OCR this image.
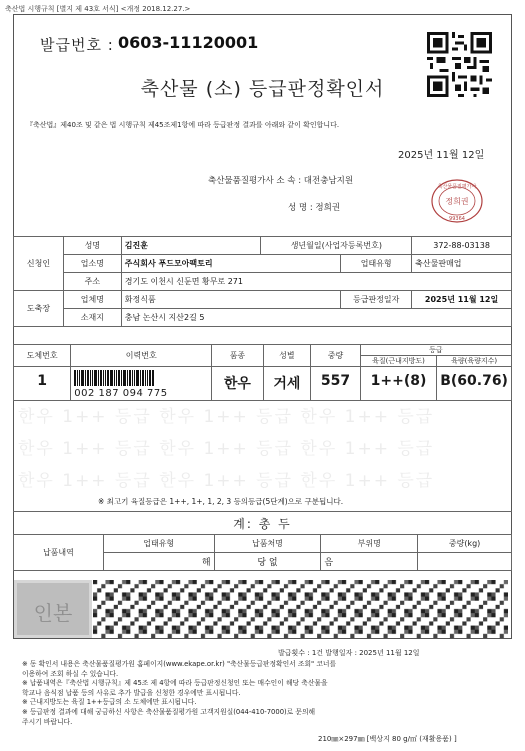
축산법 시행규칙 [별지 제 43호 서식] <개정 2018.12.27.>
발급번호 : 0603-11120001
축산물 (소) 등급판정확인서
『축산법』제40조 및 같은 법 시행규칙 제45조제1항에 따라 등급판정 결과를 아래와 같이 확인합니다.
2025년 11월 12일
축산물품질평가사 소 속 : 대전충남지원
성 명 : 정희권
축산물품질평가사
정희권
99364
신청인	성명	김진훈	생년월일(사업자등록번호)		372-88-03138
	업소명	주식회사 푸드모아팩토리		업태유형	축산물판매업
	주소	경기도 이천시 신둔면 황무로 271			
도축장	업체명	화정식품		등급판정일자	2025년 11월 12일
	소재지	충남 논산시 지산2길 5			
도체번호	이력번호	품종	성별	중량	등급	
					육질(근내지방도)	육량(육량지수)
1	002 187 094 775	한우	거세	557	1++(8)	B(60.76)
한우 1++ 등급 한우 1++ 등급 한우 1++ 등급
한우 1++ 등급 한우 1++ 등급 한우 1++ 등급
한우 1++ 등급 한우 1++ 등급 한우 1++ 등급
※ 최고기 육질등급은 1++, 1+, 1, 2, 3 등의등급(5단계)으로 구분됩니다.
계: 총 두
납품내역	업태유형	납품처명	부위명	중량(kg)
	해	당 없	음	
인본
발급횟수 : 1건 발행일자 : 2025년 11월 12일
※ 동 확인서 내용은 축산물품질평가원 홈페이지(www.ekape.or.kr) "축산물등급판정확인서 조회" 코너를
이용하여 조회 하실 수 있습니다.
※ 납품내역은『축산법 시행규칙』제 45조 제 4항에 따라 등급판정신청인 또는 매수인이 해당 축산물을
학교나 음식점 납품 등의 사유로 추가 발급을 신청한 경우에만 표시됩니다.
※ 근내지방도는 육질 1++등급의 소 도체에만 표시됩니다.
※ 등급판정 결과에 대해 궁금하신 사항은 축산물품질평가원 고객지원실(044-410-7000)로 문의해
주시기 바랍니다.
210㎜×297㎜ [백상지 80 g/㎡ (재활용품) ]
